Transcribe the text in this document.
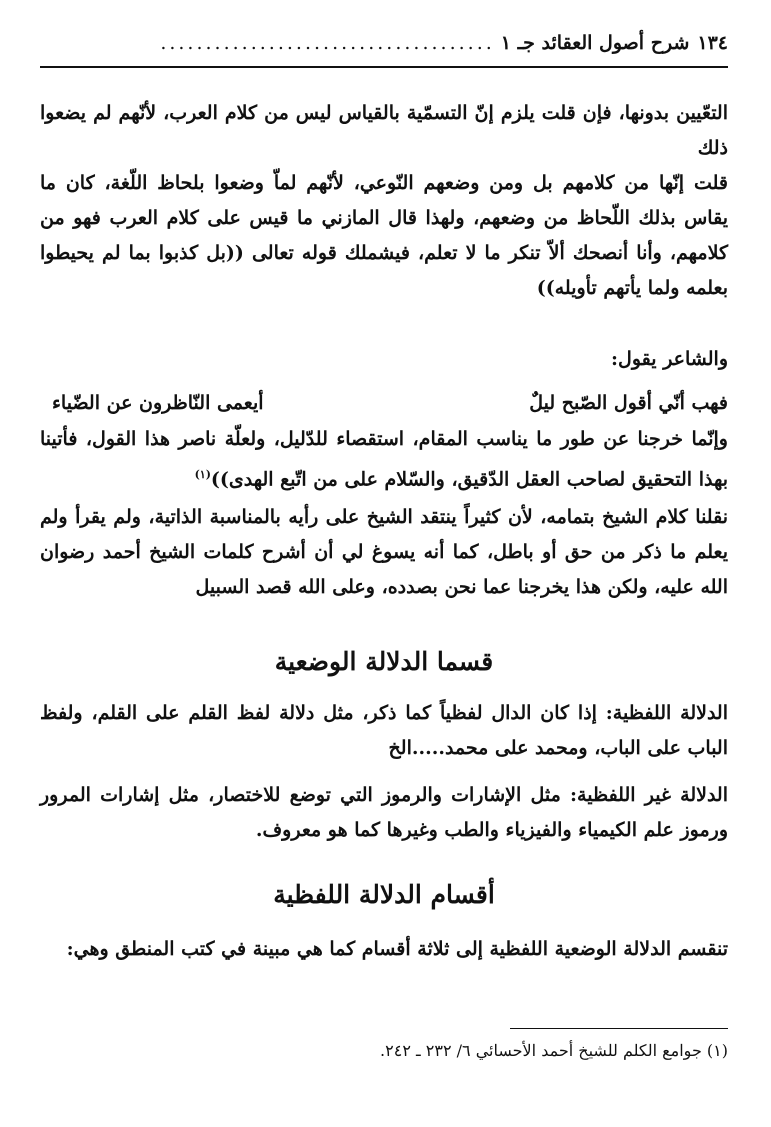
١٣٤
شرح أصول العقائد جـ ١
.....................................
التعّيين بدونها، فإن قلت يلزم إنّ التسمّية بالقياس ليس من كلام العرب، لأنّهم لم يضعوا ذلك
قلت إنّها من كلامهم بل ومن وضعهم النّوعي، لأنّهم لماّ وضعوا بلحاظ اللّغة، كان ما يقاس بذلك اللّحاظ من وضعهم، ولهذا قال المازني ما قيس على كلام العرب فهو من كلامهم، وأنا أنصحك ألاّ تنكر ما لا تعلم، فيشملك قوله تعالى ((بل كذبوا بما لم يحيطوا بعلمه ولما يأتهم تأويله))
والشاعر يقول:
فهب أنّي أقول الصّبح ليلٌ
أيعمى النّاظرون عن الضّياء
وإنّما خرجنا عن طور ما يناسب المقام، استقصاء للدّليل، ولعلّة ناصر هذا القول، فأتينا بهذا التحقيق لصاحب العقل الدّقيق، والسّلام على من اتّبع الهدى))$^{(١)}$
نقلنا كلام الشيخ بتمامه، لأن كثيراً ينتقد الشيخ على رأيه بالمناسبة الذاتية، ولم يقرأ ولم يعلم ما ذكر من حق أو باطل، كما أنه يسوغ لي أن أشرح كلمات الشيخ أحمد رضوان الله عليه، ولكن هذا يخرجنا عما نحن بصدده، وعلى الله قصد السبيل
قسما الدلالة الوضعية
الدلالة اللفظية: إذا كان الدال لفظياً كما ذكر، مثل دلالة لفظ القلم على القلم، ولفظ الباب على الباب، ومحمد على محمد.....الخ
الدلالة غير اللفظية: مثل الإشارات والرموز التي توضع للاختصار، مثل إشارات المرور ورموز علم الكيمياء والفيزياء والطب وغيرها كما هو معروف.
أقسام الدلالة اللفظية
تنقسم الدلالة الوضعية اللفظية إلى ثلاثة أقسام كما هي مبينة في كتب المنطق وهي:
(١) جوامع الكلم للشيخ أحمد الأحسائي ٦/ ٢٣٢ ـ ٢٤٢.
